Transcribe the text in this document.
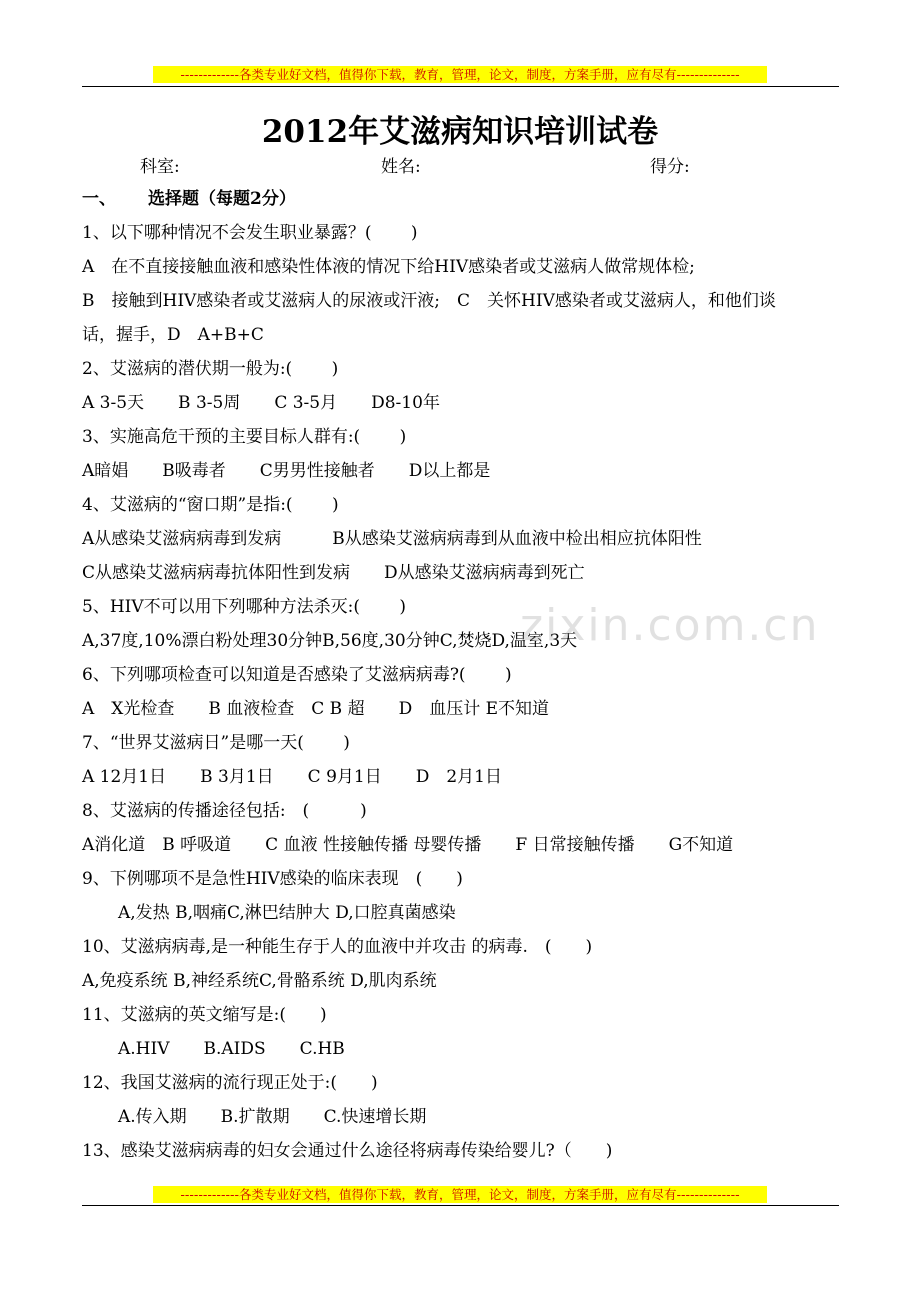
-------------各类专业好文档，值得你下载，教育，管理，论文，制度，方案手册，应有尽有--------------
2012年艾滋病知识培训试卷
科室:	姓名:	得分:
一、 选择题（每题2分）
1、以下哪种情况不会发生职业暴露？(　　 )
A　在不直接接触血液和感染性体液的情况下给HIV感染者或艾滋病人做常规体检;
B　接触到HIV感染者或艾滋病人的尿液或汗液;　C　关怀HIV感染者或艾滋病人，和他们谈
话，握手，D　A+B+C
2、艾滋病的潜伏期一般为:(　　 )
A 3-5天　　B 3-5周　　C 3-5月　　D8-10年
3、实施高危干预的主要目标人群有:(　　 )
A暗娼　　B吸毒者　　C男男性接触者　　D以上都是
4、艾滋病的“窗口期”是指:(　　 )
A从感染艾滋病病毒到发病　　　B从感染艾滋病病毒到从血液中检出相应抗体阳性
C从感染艾滋病病毒抗体阳性到发病　　D从感染艾滋病病毒到死亡
5、HIV不可以用下列哪种方法杀灭:(　　 )
A,37度,10%漂白粉处理30分钟B,56度,30分钟C,焚烧D,温室,3天
6、下列哪项检查可以知道是否感染了艾滋病病毒?(　　 )
A　X光检查　　B 血液检查　C B 超　　D　血压计 E不知道
7、“世界艾滋病日”是哪一天(　　 )
A 12月1日　　B 3月1日　　C 9月1日　　D　2月1日
8、艾滋病的传播途径包括:　(　　　)
A消化道　B 呼吸道　　C 血液 性接触传播 母婴传播　　F 日常接触传播　　G不知道
9、下例哪项不是急性HIV感染的临床表现　(　　)
A,发热 B,咽痛C,淋巴结肿大 D,口腔真菌感染
10、艾滋病病毒,是一种能生存于人的血液中并攻击 的病毒.　(　　)
A,免疫系统 B,神经系统C,骨骼系统 D,肌肉系统
11、艾滋病的英文缩写是:(　　)
A.HIV　　B.AIDS　　C.HB
12、我国艾滋病的流行现正处于:(　　)
A.传入期　　B.扩散期　　C.快速增长期
13、感染艾滋病病毒的妇女会通过什么途径将病毒传染给婴儿?（　　)
zixin.com.cn
-------------各类专业好文档，值得你下载，教育，管理，论文，制度，方案手册，应有尽有--------------
